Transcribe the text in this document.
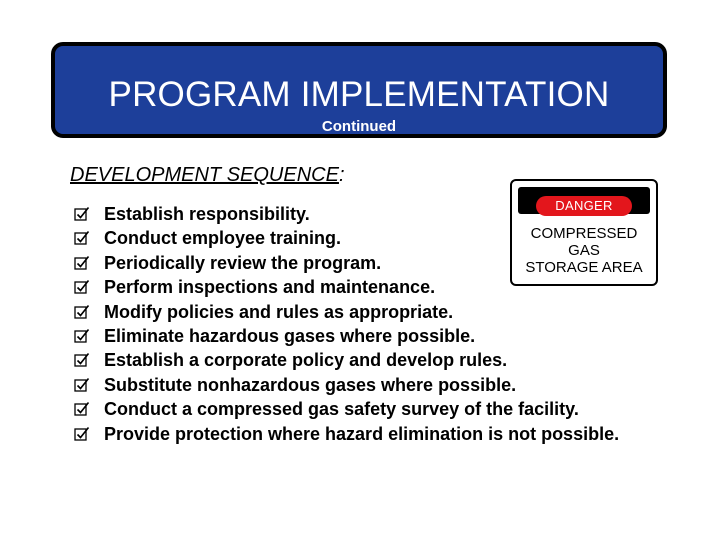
PROGRAM IMPLEMENTATION
Continued
DEVELOPMENT SEQUENCE:
Establish responsibility.
Conduct employee training.
Periodically review the program.
Perform inspections and maintenance.
Modify policies and rules as appropriate.
Eliminate hazardous gases where possible.
Establish a corporate policy and develop rules.
Substitute nonhazardous gases where possible.
Conduct a compressed gas safety survey of the facility.
Provide protection where hazard elimination is not possible.
DANGER
COMPRESSED
GAS
STORAGE AREA
